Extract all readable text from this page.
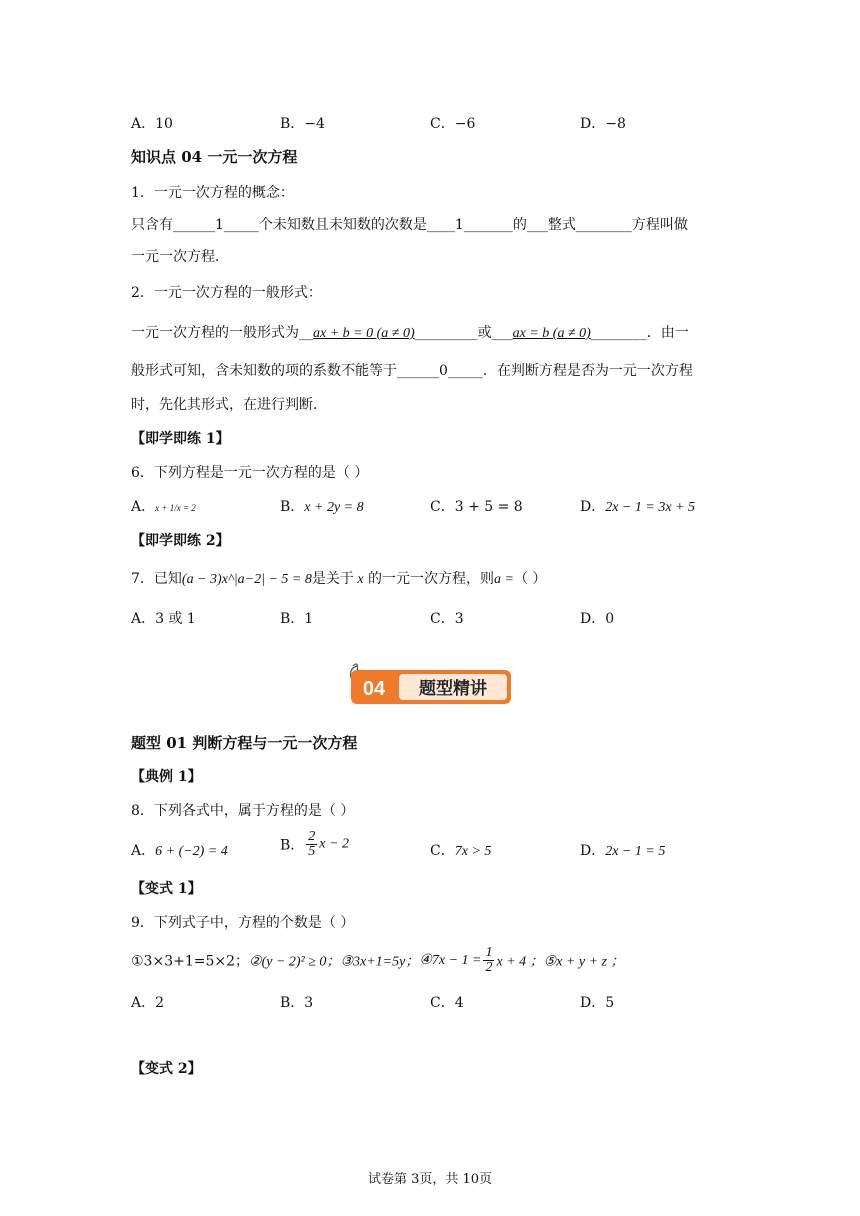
A．10	B．−4	C．−6	D．−8
知识点 04 一元一次方程
1．一元一次方程的概念：
只含有______1_____个未知数且未知数的次数是____1_______的___整式________方程叫做
一元一次方程．
2．一元一次方程的一般形式：
一元一次方程的一般形式为__ax + b = 0 (a ≠ 0)_________或___ax = b (a ≠ 0)________．由一
般形式可知，含未知数的项的系数不能等于______0_____．在判断方程是否为一元一次方程
时，先化其形式，在进行判断．
【即学即练 1】
6．下列方程是一元一次方程的是（ ）
A．x + 1/x = 2	B．x + 2y = 8	C．3 + 5 = 8	D．2x − 1 = 3x + 5
【即学即练 2】
7．已知(a − 3)x^|a−2| − 5 = 8是关于 x 的一元一次方程，则a =（ ）
A．3 或 1	B．1	C．3	D．0
04 题型精讲
题型 01 判断方程与一元一次方程
【典例 1】
8．下列各式中，属于方程的是（ ）
A．6 + (−2) = 4	B． $\frac{2}{5}$ x − 2	C．7x > 5	D．2x − 1 = 5
【变式 1】
9．下列式子中，方程的个数是（ ）
①3×3+1=5×2；②(y − 2)² ≥ 0；③3x+1=5y；④7x − $1 = \frac{1}{2}$ x + 4 ；⑤x + y + z ；
A．2	B．3	C．4	D．5
【变式 2】
试卷第 3页，共 10页
